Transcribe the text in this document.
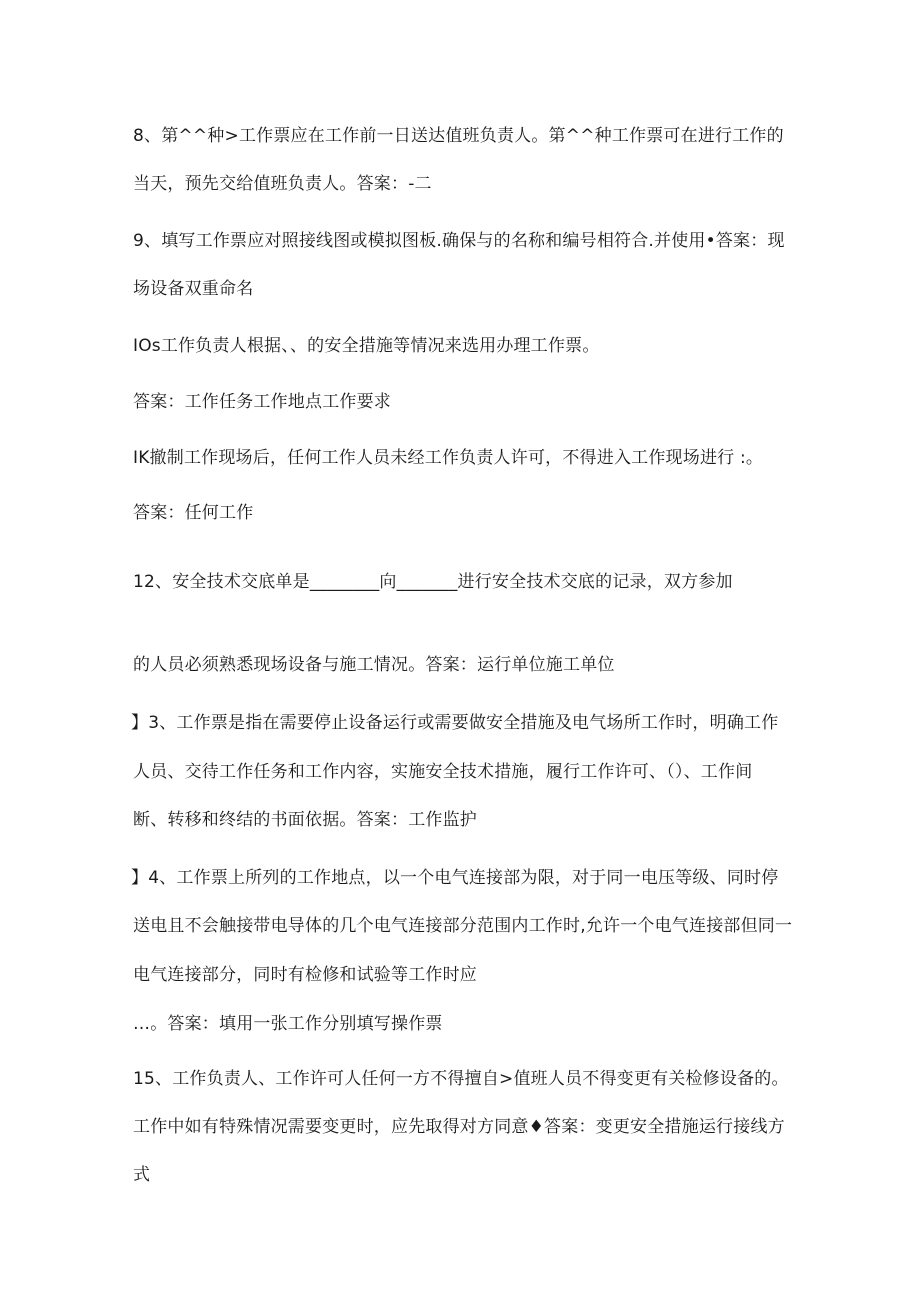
8、第^^种>工作票应在工作前一日送达值班负责人。第^^种工作票可在进行工作的
当天，预先交给值班负责人。答案：-二
9、填写工作票应对照接线图或模拟图板.确保与的名称和编号相符合.并使用•答案：现
场设备双重命名
IOs工作负责人根据、、的安全措施等情况来选用办理工作票。
答案：工作任务工作地点工作要求
IK撤制工作现场后，任何工作人员未经工作负责人许可，不得进入工作现场进行 :。
答案：任何工作
12、安全技术交底单是________向_______进行安全技术交底的记录，双方参加
的人员必须熟悉现场设备与施工情况。答案：运行单位施工单位
】3、工作票是指在需要停止设备运行或需要做安全措施及电气场所工作时，明确工作
人员、交待工作任务和工作内容，实施安全技术措施，履行工作许可、（）、工作间
断、转移和终结的书面依据。答案：工作监护
】4、工作票上所列的工作地点，以一个电气连接部为限，对于同一电压等级、同时停
送电且不会触接带电导体的几个电气连接部分范围内工作时,允许一个电气连接部但同一
电气连接部分，同时有检修和试验等工作时应
…。答案：填用一张工作分别填写操作票
15、工作负责人、工作许可人任何一方不得擅自>值班人员不得变更有关检修设备的。
工作中如有特殊情况需要变更时，应先取得对方同意♦答案：变更安全措施运行接线方
式
